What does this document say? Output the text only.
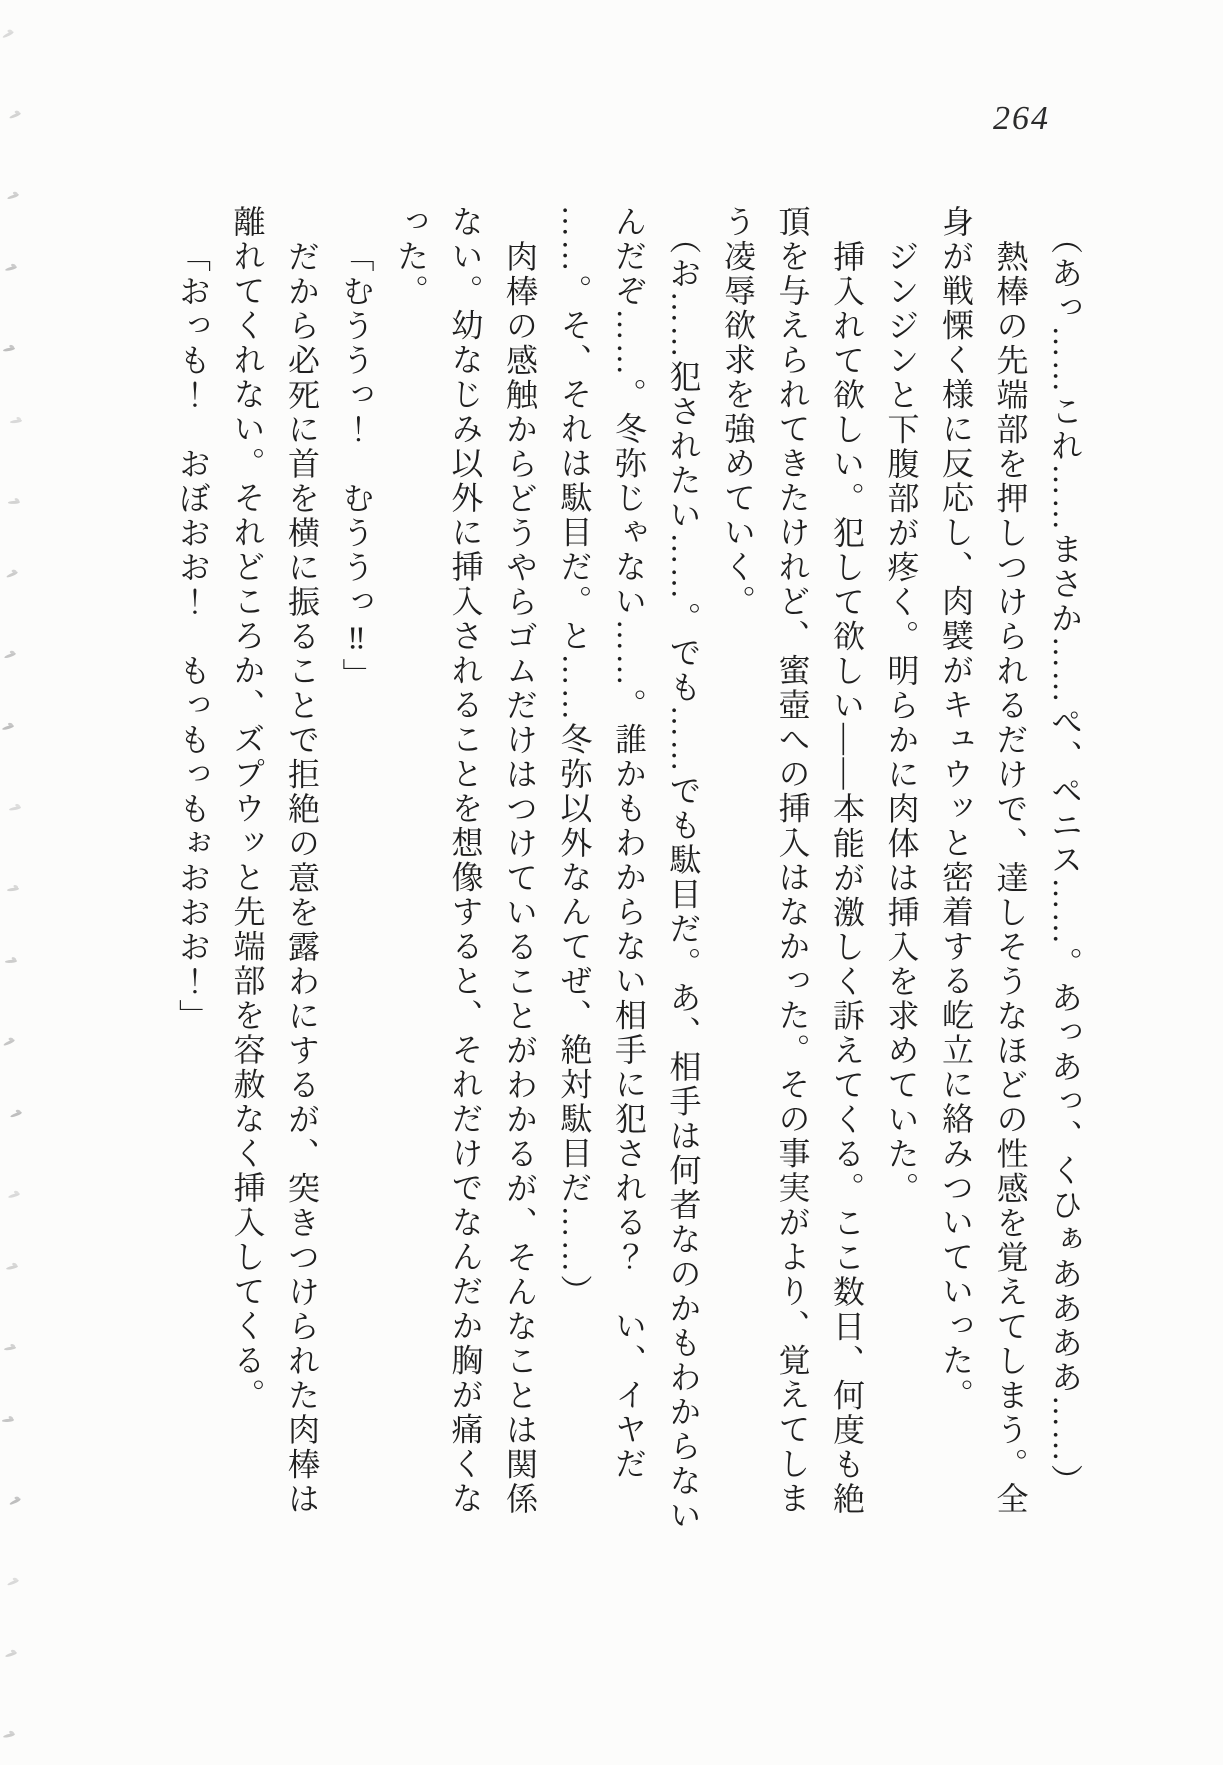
264
（あっ……これ……まさか……ぺ、ペニス……。あっあっ、くひぁああああ……）
熱棒の先端部を押しつけられるだけで、達しそうなほどの性感を覚えてしまう。全
身が戦慄く様に反応し、肉襞がキュウッと密着する屹立に絡みついていった。
ジンジンと下腹部が疼く。明らかに肉体は挿入を求めていた。
挿入れて欲しい。犯して欲しい――本能が激しく訴えてくる。ここ数日、何度も絶
頂を与えられてきたけれど、蜜壺への挿入はなかった。その事実がより、覚えてしま
う凌辱欲求を強めていく。
（お……犯されたい……。でも……でも駄目だ。あ、相手は何者なのかもわからない
んだぞ……。冬弥じゃない……。誰かもわからない相手に犯される？　い、イヤだ
……。そ、それは駄目だ。と……冬弥以外なんてぜ、絶対駄目だ……）
肉棒の感触からどうやらゴムだけはつけていることがわかるが、そんなことは関係
ない。幼なじみ以外に挿入されることを想像すると、それだけでなんだか胸が痛くな
った。
「むううっ！　むううっ‼」
だから必死に首を横に振ることで拒絶の意を露わにするが、突きつけられた肉棒は
離れてくれない。それどころか、ズプウッと先端部を容赦なく挿入してくる。
「おっも！　おぼおお！　もっもっもぉおおお！」
